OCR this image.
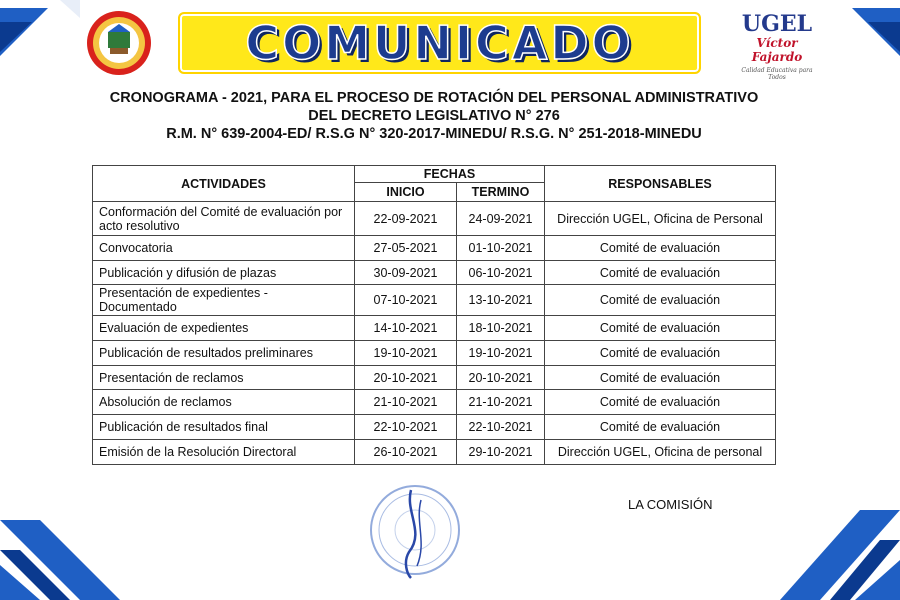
COMUNICADO	UGEL
Víctor Fajardo
Calidad Educativa para Todos
CRONOGRAMA - 2021, PARA EL PROCESO DE ROTACIÓN DEL PERSONAL ADMINISTRATIVO
DEL DECRETO LEGISLATIVO N° 276
R.M. N° 639-2004-ED/ R.S.G N° 320-2017-MINEDU/ R.S.G. N° 251-2018-MINEDU
ACTIVIDADES	FECHAS		RESPONSABLES
	INICIO	TERMINO	

Conformación del Comité de evaluación por acto resolutivo	22-09-2021	24-09-2021	Dirección UGEL, Oficina de Personal
Convocatoria	27-05-2021	01-10-2021	Comité de evaluación
Publicación y difusión de plazas	30-09-2021	06-10-2021	Comité de evaluación
Presentación de expedientes - Documentado	07-10-2021	13-10-2021	Comité de evaluación
Evaluación de expedientes	14-10-2021	18-10-2021	Comité de evaluación
Publicación de resultados preliminares	19-10-2021	19-10-2021	Comité de evaluación
Presentación de reclamos	20-10-2021	20-10-2021	Comité de evaluación
Absolución de reclamos	21-10-2021	21-10-2021	Comité de evaluación
Publicación de resultados final	22-10-2021	22-10-2021	Comité de evaluación
Emisión de la Resolución Directoral	26-10-2021	29-10-2021	Dirección UGEL, Oficina de personal
LA COMISIÓN
